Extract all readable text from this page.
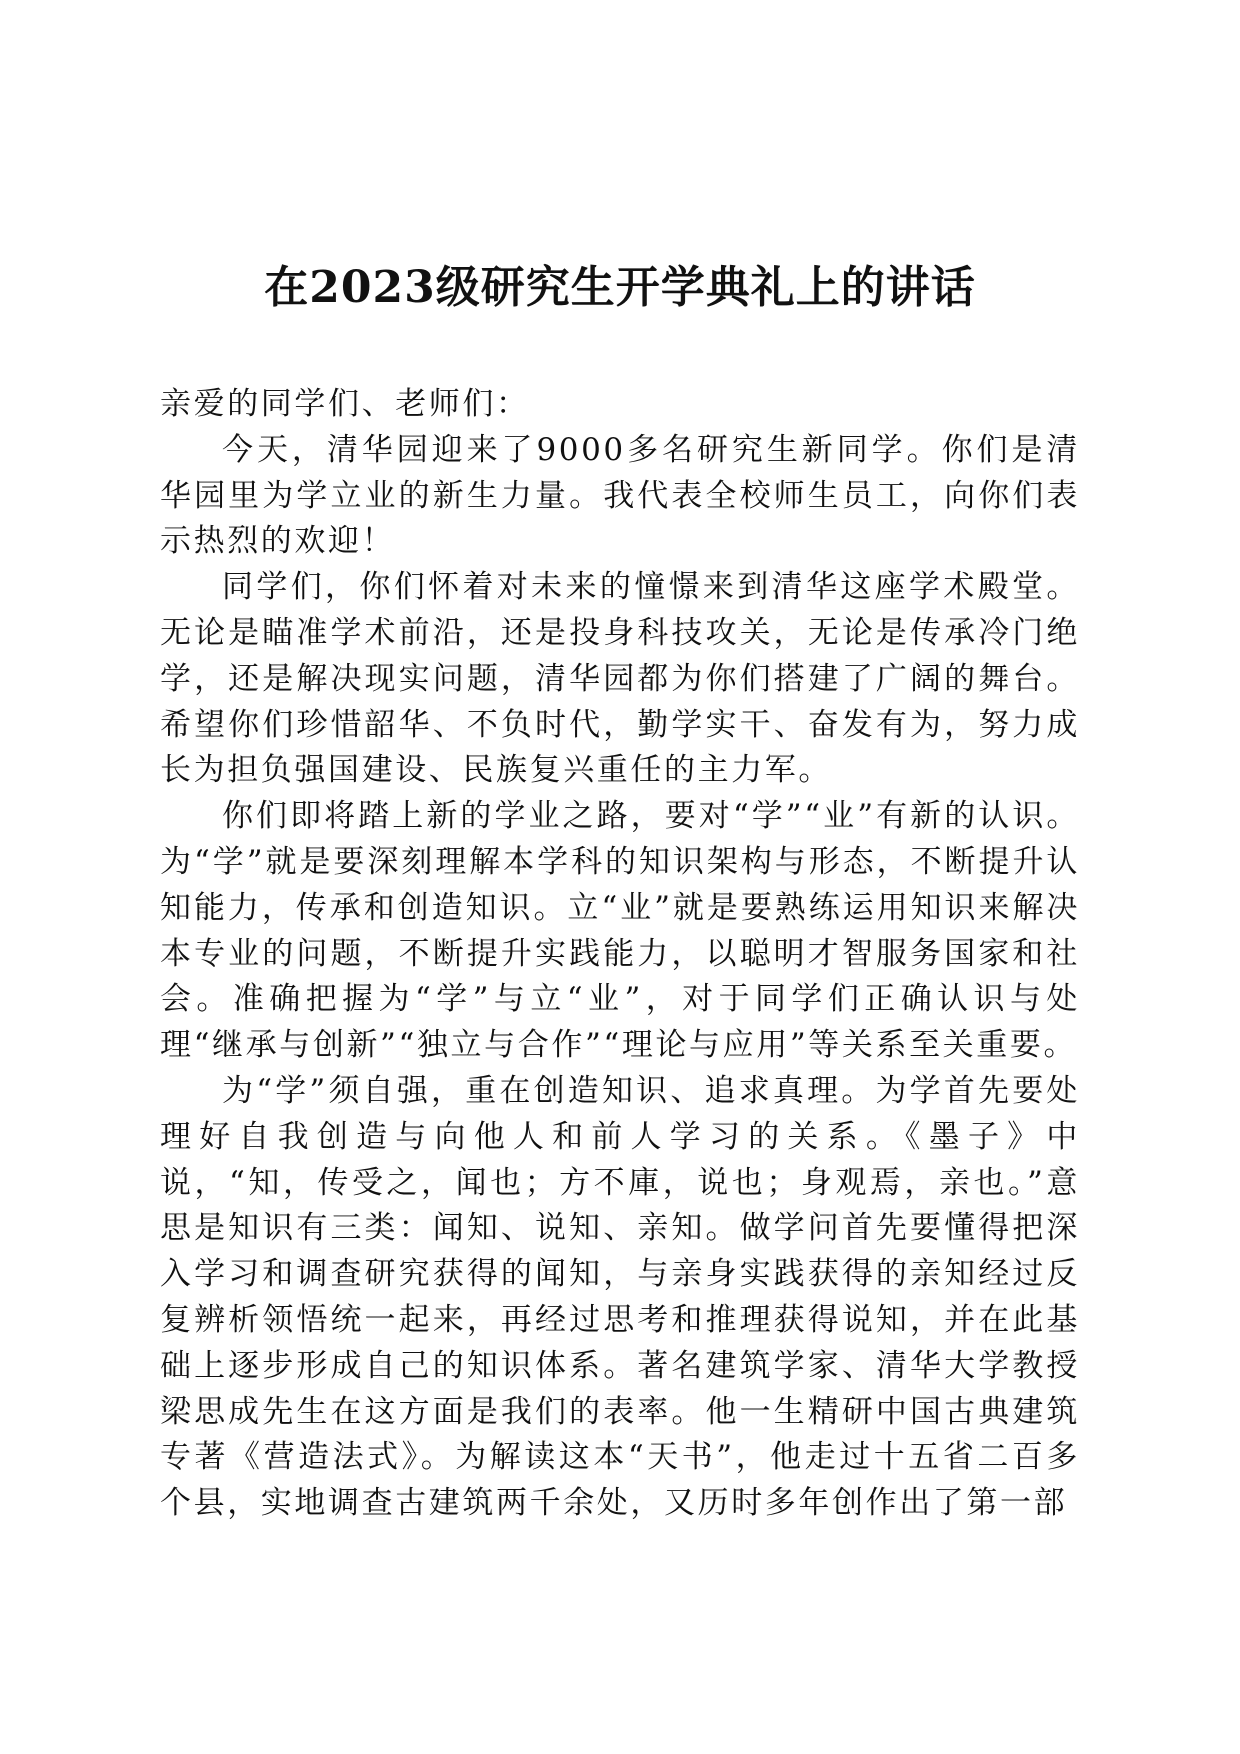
在2023级研究生开学典礼上的讲话

亲爱的同学们、老师们：

今天，清华园迎来了9000多名研究生新同学。你们是清华园里为学立业的新生力量。我代表全校师生员工，向你们表示热烈的欢迎！

同学们，你们怀着对未来的憧憬来到清华这座学术殿堂。无论是瞄准学术前沿，还是投身科技攻关，无论是传承冷门绝学，还是解决现实问题，清华园都为你们搭建了广阔的舞台。希望你们珍惜韶华、不负时代，勤学实干、奋发有为，努力成长为担负强国建设、民族复兴重任的主力军。

你们即将踏上新的学业之路，要对“学”“业”有新的认识。为“学”就是要深刻理解本学科的知识架构与形态，不断提升认知能力，传承和创造知识。立“业”就是要熟练运用知识来解决本专业的问题，不断提升实践能力，以聪明才智服务国家和社会。准确把握为“学”与立“业”，对于同学们正确认识与处理“继承与创新”“独立与合作”“理论与应用”等关系至关重要。

为“学”须自强，重在创造知识、追求真理。为学首先要处理好自我创造与向他人和前人学习的关系。《墨子》中说，“知，传受之，闻也；方不庫，说也；身观焉，亲也。”意思是知识有三类：闻知、说知、亲知。做学问首先要懂得把深入学习和调查研究获得的闻知，与亲身实践获得的亲知经过反复辨析领悟统一起来，再经过思考和推理获得说知，并在此基础上逐步形成自己的知识体系。著名建筑学家、清华大学教授梁思成先生在这方面是我们的表率。他一生精研中国古典建筑专著《营造法式》。为解读这本“天书”，他走过十五省二百多个县，实地调查古建筑两千余处，又历时多年创作出了第一部
